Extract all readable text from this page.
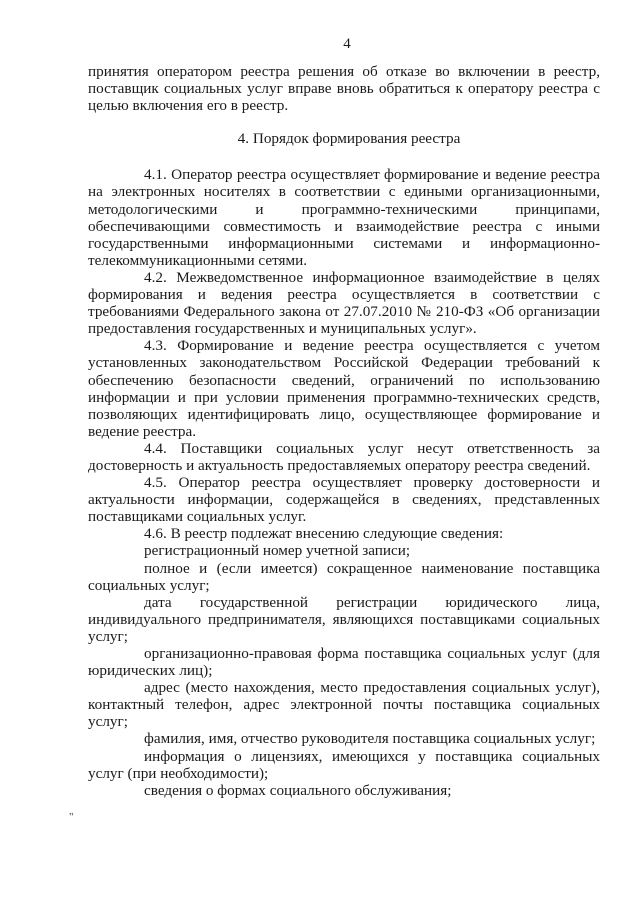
4

принятия оператором реестра решения об отказе во включении в реестр, поставщик социальных услуг вправе вновь обратиться к оператору реестра с целью включения его в реестр.

4. Порядок формирования реестра

4.1. Оператор реестра осуществляет формирование и ведение реестра на электронных носителях в соответствии с едиными организационными, методологическими и программно-техническими принципами, обеспечивающими совместимость и взаимодействие реестра с иными государственными информационными системами и информационно-телекоммуникационными сетями.

4.2. Межведомственное информационное взаимодействие в целях формирования и ведения реестра осуществляется в соответствии с требованиями Федерального закона от 27.07.2010 № 210-ФЗ «Об организации предоставления государственных и муниципальных услуг».

4.3. Формирование и ведение реестра осуществляется с учетом установленных законодательством Российской Федерации требований к обеспечению безопасности сведений, ограничений по использованию информации и при условии применения программно-технических средств, позволяющих идентифицировать лицо, осуществляющее формирование и ведение реестра.

4.4. Поставщики социальных услуг несут ответственность за достоверность и актуальность предоставляемых оператору реестра сведений.

4.5. Оператор реестра осуществляет проверку достоверности и актуальности информации, содержащейся в сведениях, представленных поставщиками социальных услуг.

4.6. В реестр подлежат внесению следующие сведения:

регистрационный номер учетной записи;

полное и (если имеется) сокращенное наименование поставщика социальных услуг;

дата государственной регистрации юридического лица, индивидуального предпринимателя, являющихся поставщиками социальных услуг;

организационно-правовая форма поставщика социальных услуг (для юридических лиц);

адрес (место нахождения, место предоставления социальных услуг), контактный телефон, адрес электронной почты поставщика социальных услуг;

фамилия, имя, отчество руководителя поставщика социальных услуг;

информация о лицензиях, имеющихся у поставщика социальных услуг (при необходимости);

сведения о формах социального обслуживания;

"
